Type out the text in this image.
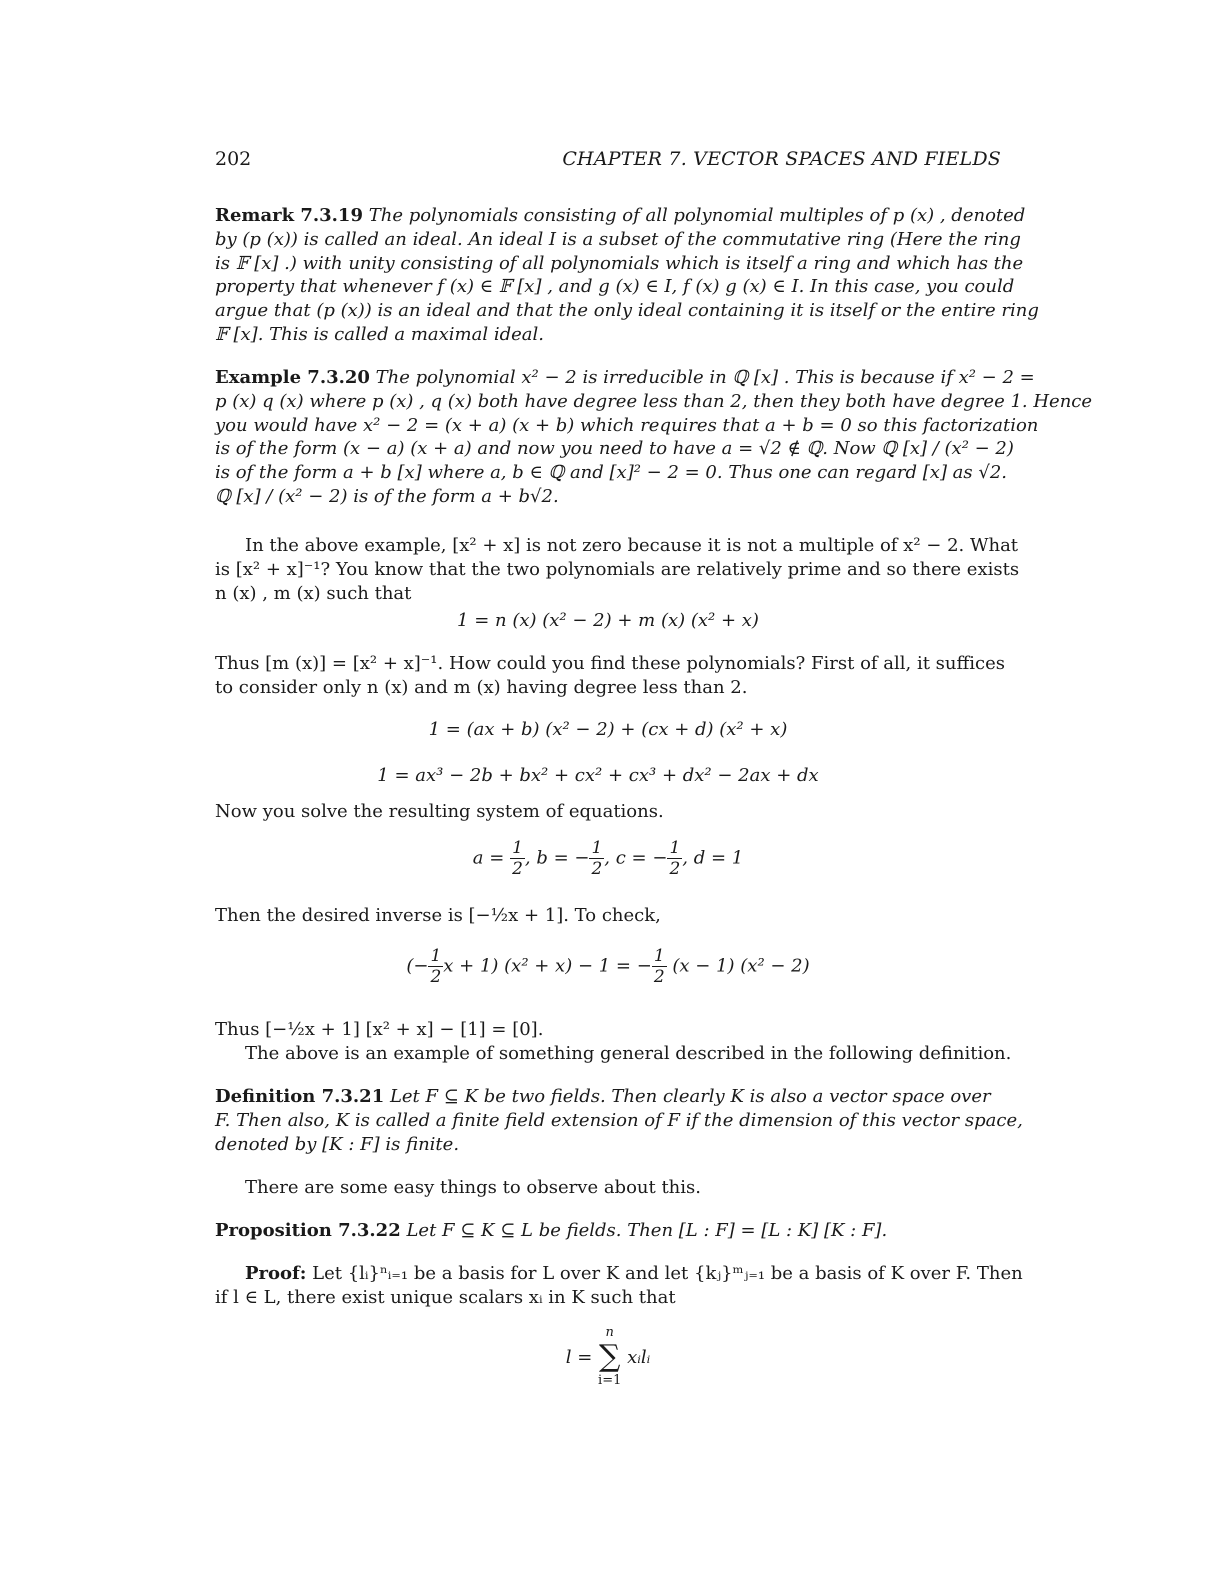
202	CHAPTER 7. VECTOR SPACES AND FIELDS
Remark 7.3.19 The polynomials consisting of all polynomial multiples of p (x) , denoted
by (p (x)) is called an ideal. An ideal I is a subset of the commutative ring (Here the ring
is 𝔽 [x] .) with unity consisting of all polynomials which is itself a ring and which has the
property that whenever f (x) ∈ 𝔽 [x] , and g (x) ∈ I, f (x) g (x) ∈ I. In this case, you could
argue that (p (x)) is an ideal and that the only ideal containing it is itself or the entire ring
𝔽 [x]. This is called a maximal ideal.
Example 7.3.20 The polynomial x² − 2 is irreducible in ℚ [x] . This is because if x² − 2 =
p (x) q (x) where p (x) , q (x) both have degree less than 2, then they both have degree 1. Hence
you would have x² − 2 = (x + a) (x + b) which requires that a + b = 0 so this factorization
is of the form (x − a) (x + a) and now you need to have a = √2 ∉ ℚ. Now ℚ [x] / (x² − 2)
is of the form a + b [x] where a, b ∈ ℚ and [x]² − 2 = 0. Thus one can regard [x] as √2.
ℚ [x] / (x² − 2) is of the form a + b√2.
In the above example, [x² + x] is not zero because it is not a multiple of x² − 2. What
is [x² + x]⁻¹? You know that the two polynomials are relatively prime and so there exists
n (x) , m (x) such that
1 = n (x) (x² − 2) + m (x) (x² + x)
Thus [m (x)] = [x² + x]⁻¹. How could you find these polynomials? First of all, it suffices
to consider only n (x) and m (x) having degree less than 2.
1 = (ax + b) (x² − 2) + (cx + d) (x² + x)
1 = ax³ − 2b + bx² + cx² + cx³ + dx² − 2ax + dx
Now you solve the resulting system of equations.
$a = \frac{1}{2}$ , b = − $\frac{1}{2}$ , c = − $\frac{1}{2}$ , d = 1
Then the desired inverse is [−½x + 1]. To check,
(− $\frac{1}{2}$ x + 1) (x² + x) − 1 = − $\frac{1}{2} (x - 1) (x^2 - 2)$
Thus [−½x + 1] [x² + x] − [1] = [0].
The above is an example of something general described in the following definition.
Definition 7.3.21 Let F ⊆ K be two fields. Then clearly K is also a vector space over
F. Then also, K is called a finite field extension of F if the dimension of this vector space,
denoted by [K : F] is finite.
There are some easy things to observe about this.
Proposition 7.3.22 Let F ⊆ K ⊆ L be fields. Then [L : F] = [L : K] [K : F].
Proof: Let {lᵢ}ⁿᵢ₌₁ be a basis for L over K and let {kⱼ}ᵐⱼ₌₁ be a basis of K over F. Then
if l ∈ L, there exist unique scalars xᵢ in K such that
l =
n
∑
i=1
xᵢlᵢ
